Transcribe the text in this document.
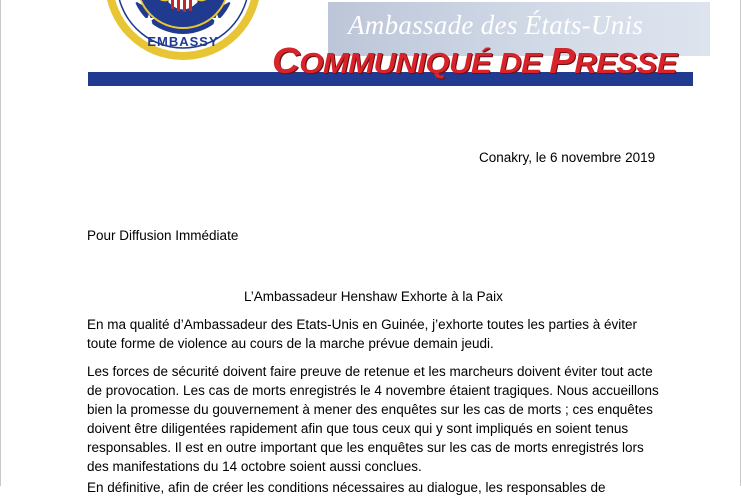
EMBASSY
Ambassade des États-Unis
COMMUNIQUÉ DE PRESSE
Conakry, le 6 novembre 2019
Pour Diffusion Immédiate
L’Ambassadeur Henshaw Exhorte à la Paix
En ma qualité d’Ambassadeur des Etats-Unis en Guinée, j’exhorte toutes les parties à éviter toute forme de violence au cours de la marche prévue demain jeudi.
Les forces de sécurité doivent faire preuve de retenue et les marcheurs doivent éviter tout acte de provocation. Les cas de morts enregistrés le 4 novembre étaient tragiques. Nous accueillons bien la promesse du gouvernement à mener des enquêtes sur les cas de morts ; ces enquêtes doivent être diligentées rapidement afin que tous ceux qui y sont impliqués en soient tenus responsables. Il est en outre important que les enquêtes sur les cas de morts enregistrés lors des manifestations du 14 octobre soient aussi conclues.
En définitive, afin de créer les conditions nécessaires au dialogue, les responsables de
